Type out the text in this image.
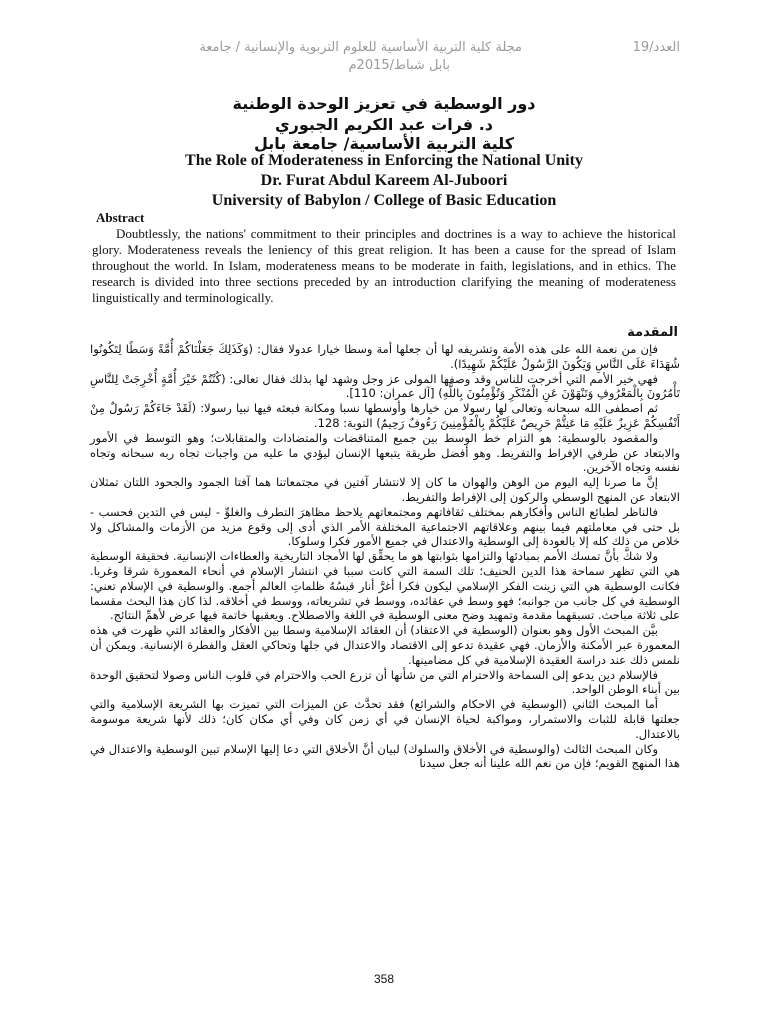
العدد/19
مجلة كلية التربية الأساسية للعلوم التربوية والإنسانية / جامعة
بابل شباط/2015م
دور الوسطية في تعزيز الوحدة الوطنية
د. فرات عبد الكريم الجبوري
كلية التربية الأساسية/ جامعة بابل
The Role of Moderateness in Enforcing the National Unity
Dr. Furat Abdul Kareem Al-Juboori
University of Babylon / College of Basic Education
Abstract

Doubtlessly, the nations' commitment to their principles and doctrines is a way to achieve the historical glory. Moderateness reveals the leniency of this great religion. It has been a cause for the spread of Islam throughout the world. In Islam, moderateness means to be moderate in faith, legislations, and in ethics. The research is divided into three sections preceded by an introduction clarifying the meaning of moderateness linguistically and terminologically.

المقدمة

فإن من نعمة الله على هذه الأمة وتشريفه لها أن جعلها أمة وسطا خيارا عدولا فقال: (وَكَذَلِكَ جَعَلْنَاكُمْ أُمَّةً وَسَطًا لِتَكُونُوا شُهَدَاءَ عَلَى النَّاسِ وَيَكُونَ الرَّسُولُ عَلَيْكُمْ شَهِيدًا).

فهي خير الأمم التي أخرجت للناس وقد وصفها المولى عز وجل وشهد لها بذلك فقال تعالى: (كُنْتُمْ خَيْرَ أُمَّةٍ أُخْرِجَتْ لِلنَّاسِ تَأْمُرُونَ بِالْمَعْرُوفِ وَتَنْهَوْنَ عَنِ الْمُنْكَرِ وَتُؤْمِنُونَ بِاللَّهِ) [آل عمران: 110].

ثم اصطفى الله سبحانه وتعالى لها رسولا من خيارها وأوسطها نسبا ومكانة فبعثه فيها نبيا رسولا: (لَقَدْ جَاءَكُمْ رَسُولٌ مِنْ أَنْفُسِكُمْ عَزِيزٌ عَلَيْهِ مَا عَنِتُّمْ حَرِيصٌ عَلَيْكُمْ بِالْمُؤْمِنِينَ رَءُوفٌ رَحِيمٌ) التوبة: 128.

والمقصود بالوسطية: هو التزام خط الوسط بين جميع المتناقضات والمتضادات والمتقابلات؛ وهو التوسط في الأمور والابتعاد عن طرفي الإفراط والتفريط. وهو أفضل طريقة يتبعها الإنسان ليؤدي ما عليه من واجبات تجاه ربه سبحانه وتجاه نفسه وتجاه الآخرين.

إنَّ ما صرنا إليه اليوم من الوهن والهوان ما كان إلا لانتشار آفتين في مجتمعاتنا هما آفتا الجمود والجحود اللتان تمثلان الابتعاد عن المنهج الوسطي والركون إلى الإفراط والتفريط.

فالناظر لطبائع الناس وأفكارهم بمختلف ثقافاتهم ومجتمعاتهم يلاحظ مظاهرَ التطرف والغلوِّ - ليس في التدين فحسب - بل حتى في معاملتهم فيما بينهم وعلاقاتهم الاجتماعية المختلفة الأمر الذي أدى إلى وقوع مزيد من الأزمات والمشاكل ولا خلاص من ذلك كله إلا بالعودة إلى الوسطية والاعتدال في جميع الأمور فكرا وسلوكا.

ولا شكَّ بأنَّ تمسك الأمم بمبادئها والتزامها بثوابتها هو ما يحقِّق لها الأمجاد التاريخية والعطاءات الإنسانية. فحقيقة الوسطية هي التي تظهر سماحة هذا الدين الحنيف؛ تلك السمة التي كانت سببا في انتشار الإسلام في أنحاء المعمورة شرقا وغربا. فكانت الوسطية هي التي زينت الفكر الإسلامي ليكون فكرا أغرَّ أنار قبسُهُ ظلماتِ العالم أجمع. والوسطية في الإسلام تعني: الوسطية في كل جانب من جوانبه؛ فهو وسط في عقائده، ووسط في تشريعاته، ووسط في أخلاقه. لذا كان هذا البحث مقسما على ثلاثة مباحث. تسبقهما مقدمة وتمهيد وضح معنى الوسطية في اللغة والاصطلاح. ويعقبها خاتمة فيها عرض لأهمِّ النتائج.

بيَّن المبحث الأول وهو بعنوان (الوسطية في الاعتقاد) أن العقائد الإسلامية وسطا بين الأفكار والعقائد التي ظهرت في هذه المعمورة عبر الأمكنة والأزمان. فهي عقيدة تدعو إلى الاقتصاد والاعتدال في جلها وتحاكي العقل والفطرة الإنسانية. ويمكن أن نلمس ذلك عند دراسة العقيدة الإسلامية في كل مضامينها.

فالإسلام دين يدعو إلى السماحة والاحترام التي من شأنها أن تزرع الحب والاحترام في قلوب الناس وصولا لتحقيق الوحدة بين أبناء الوطن الواحد.

أما المبحث الثاني (الوسطية في الاحكام والشرائع) فقد تحدَّث عن الميزات التي تميزت بها الشريعة الإسلامية والتي جعلتها قابلة للثبات والاستمرار، ومواكبة لحياة الإنسان في أي زمن كان وفي أي مكان كان؛ ذلك لأنها شريعة موسومة بالاعتدال.

وكان المبحث الثالث (والوسطية في الأخلاق والسلوك) لبيان أنَّ الأخلاق التي دعا إليها الإسلام تبين الوسطية والاعتدال في هذا المنهج القويم؛ فإن من نعم الله علينا أنه جعل سيدنا

358
